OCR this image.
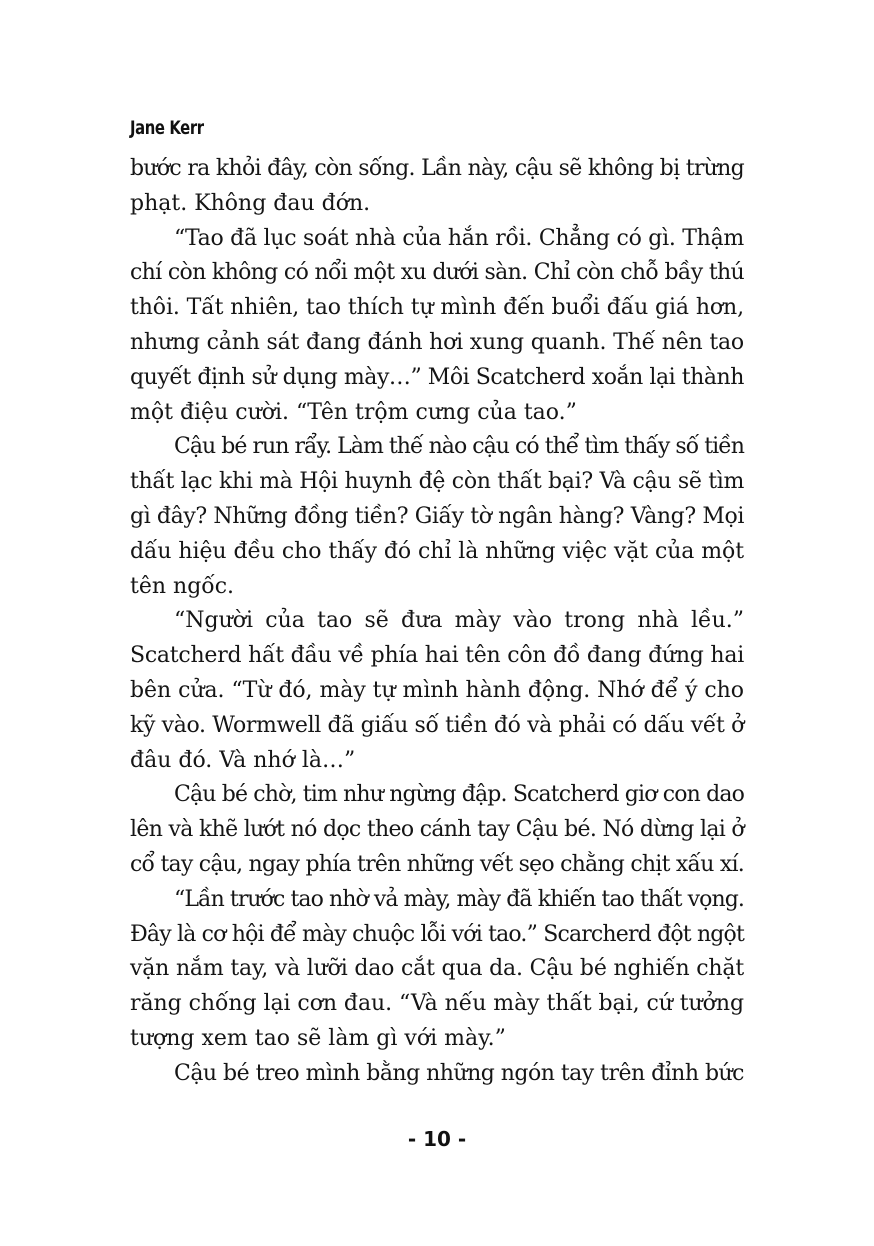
Jane Kerr
bước ra khỏi đây, còn sống. Lần này, cậu sẽ không bị trừng
phạt. Không đau đớn.
“Tao đã lục soát nhà của hắn rồi. Chẳng có gì. Thậm
chí còn không có nổi một xu dưới sàn. Chỉ còn chỗ bầy thú
thôi. Tất nhiên, tao thích tự mình đến buổi đấu giá hơn,
nhưng cảnh sát đang đánh hơi xung quanh. Thế nên tao
quyết định sử dụng mày…” Môi Scatcherd xoắn lại thành
một điệu cười. “Tên trộm cưng của tao.”
Cậu bé run rẩy. Làm thế nào cậu có thể tìm thấy số tiền
thất lạc khi mà Hội huynh đệ còn thất bại? Và cậu sẽ tìm
gì đây? Những đồng tiền? Giấy tờ ngân hàng? Vàng? Mọi
dấu hiệu đều cho thấy đó chỉ là những việc vặt của một
tên ngốc.
“Người của tao sẽ đưa mày vào trong nhà lều.”
Scatcherd hất đầu về phía hai tên côn đồ đang đứng hai
bên cửa. “Từ đó, mày tự mình hành động. Nhớ để ý cho
kỹ vào. Wormwell đã giấu số tiền đó và phải có dấu vết ở
đâu đó. Và nhớ là…”
Cậu bé chờ, tim như ngừng đập. Scatcherd giơ con dao
lên và khẽ lướt nó dọc theo cánh tay Cậu bé. Nó dừng lại ở
cổ tay cậu, ngay phía trên những vết sẹo chằng chịt xấu xí.
“Lần trước tao nhờ vả mày, mày đã khiến tao thất vọng.
Đây là cơ hội để mày chuộc lỗi với tao.” Scarcherd đột ngột
vặn nắm tay, và lưỡi dao cắt qua da. Cậu bé nghiến chặt
răng chống lại cơn đau. “Và nếu mày thất bại, cứ tưởng
tượng xem tao sẽ làm gì với mày.”
Cậu bé treo mình bằng những ngón tay trên đỉnh bức
- 10 -
